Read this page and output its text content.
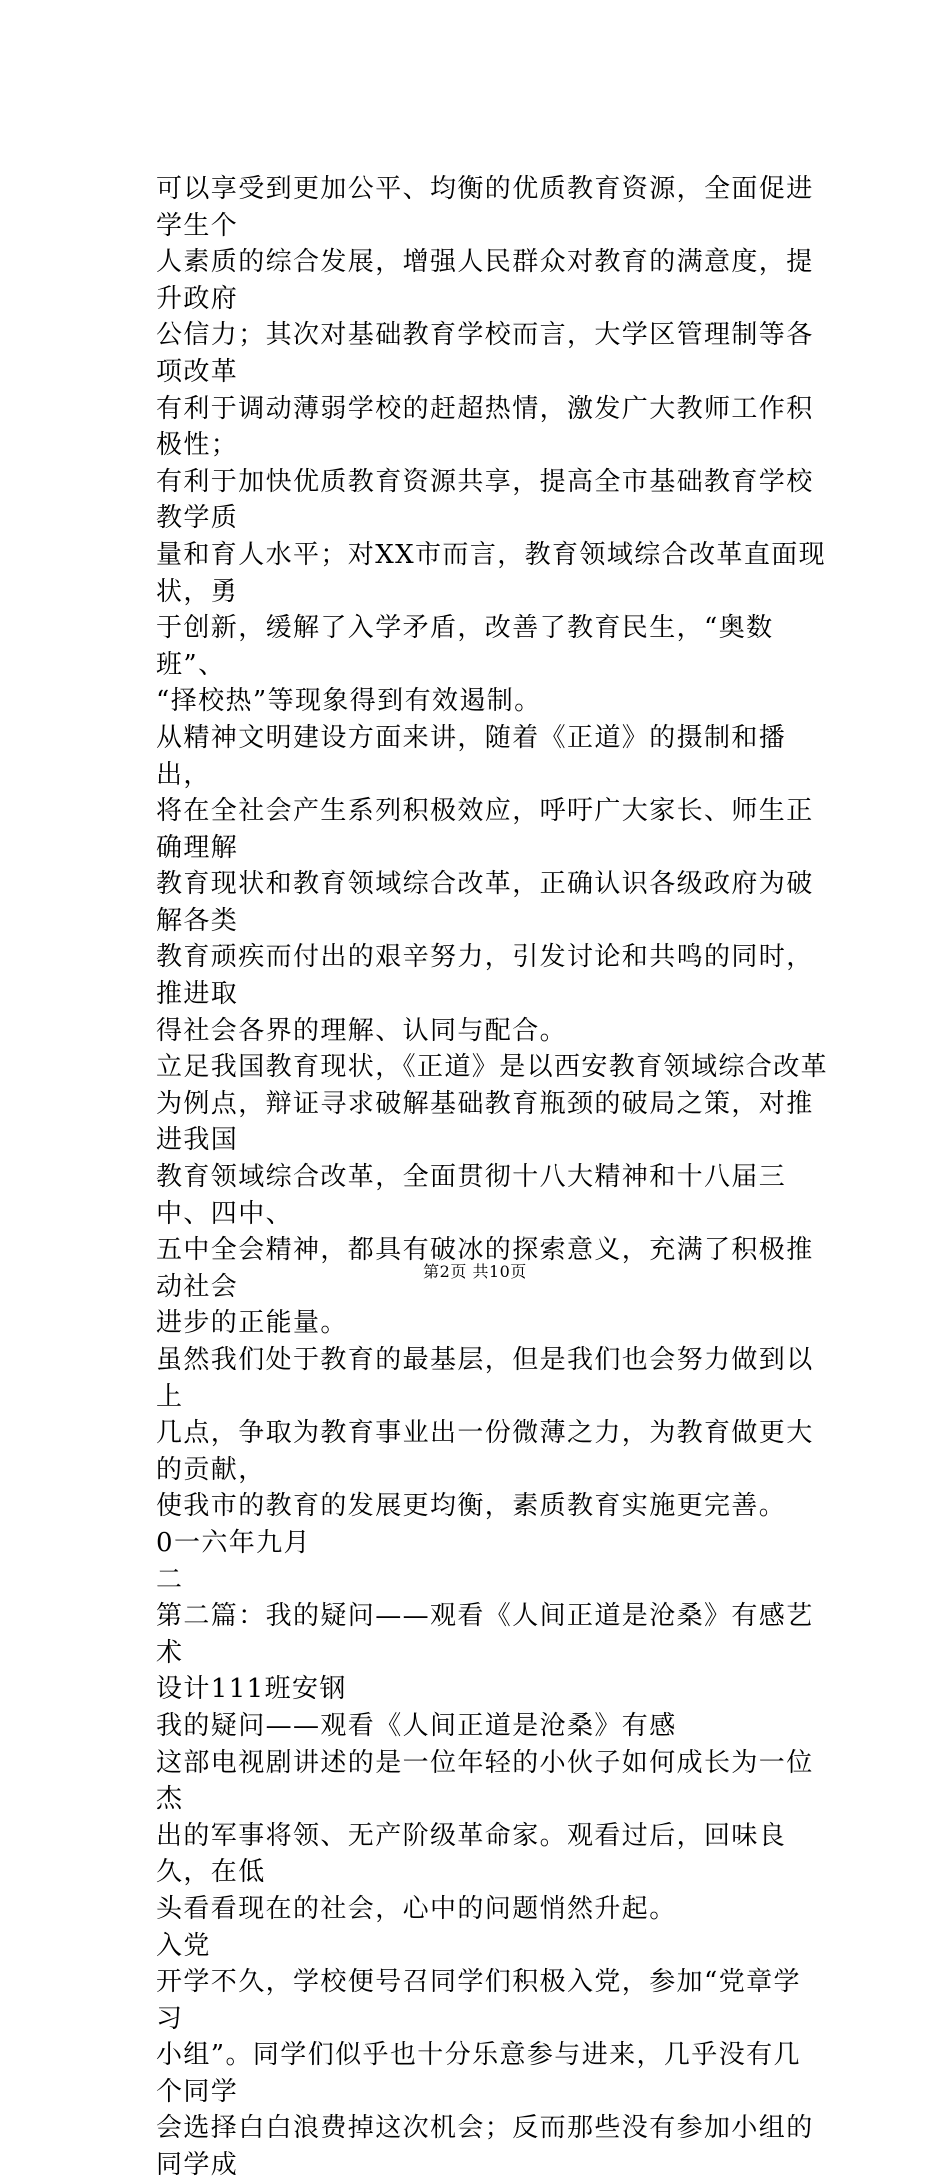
可以享受到更加公平、均衡的优质教育资源，全面促进学生个
人素质的综合发展，增强人民群众对教育的满意度，提升政府
公信力；其次对基础教育学校而言，大学区管理制等各项改革
有利于调动薄弱学校的赶超热情，激发广大教师工作积极性；
有利于加快优质教育资源共享，提高全市基础教育学校教学质
量和育人水平；对XX市而言，教育领域综合改革直面现状，勇
于创新，缓解了入学矛盾，改善了教育民生，“奥数班”、
“择校热”等现象得到有效遏制。

从精神文明建设方面来讲，随着《正道》的摄制和播出，
将在全社会产生系列积极效应，呼吁广大家长、师生正确理解
教育现状和教育领域综合改革，正确认识各级政府为破解各类
教育顽疾而付出的艰辛努力，引发讨论和共鸣的同时，推进取
得社会各界的理解、认同与配合。

立足我国教育现状，《正道》是以西安教育领域综合改革
为例点，辩证寻求破解基础教育瓶颈的破局之策，对推进我国
教育领域综合改革，全面贯彻十八大精神和十八届三中、四中、
五中全会精神，都具有破冰的探索意义，充满了积极推动社会
进步的正能量。

虽然我们处于教育的最基层，但是我们也会努力做到以上
几点，争取为教育事业出一份微薄之力，为教育做更大的贡献，
使我市的教育的发展更均衡，素质教育实施更完善。

0一六年九月

二

第二篇：我的疑问——观看《人间正道是沧桑》有感艺术
设计111班安钢

我的疑问——观看《人间正道是沧桑》有感

这部电视剧讲述的是一位年轻的小伙子如何成长为一位杰
出的军事将领、无产阶级革命家。观看过后，回味良久，在低
头看看现在的社会，心中的问题悄然升起。

入党

开学不久，学校便号召同学们积极入党，参加“党章学习
小组”。同学们似乎也十分乐意参与进来，几乎没有几个同学
会选择白白浪费掉这次机会；反而那些没有参加小组的同学成

第2页 共10页
